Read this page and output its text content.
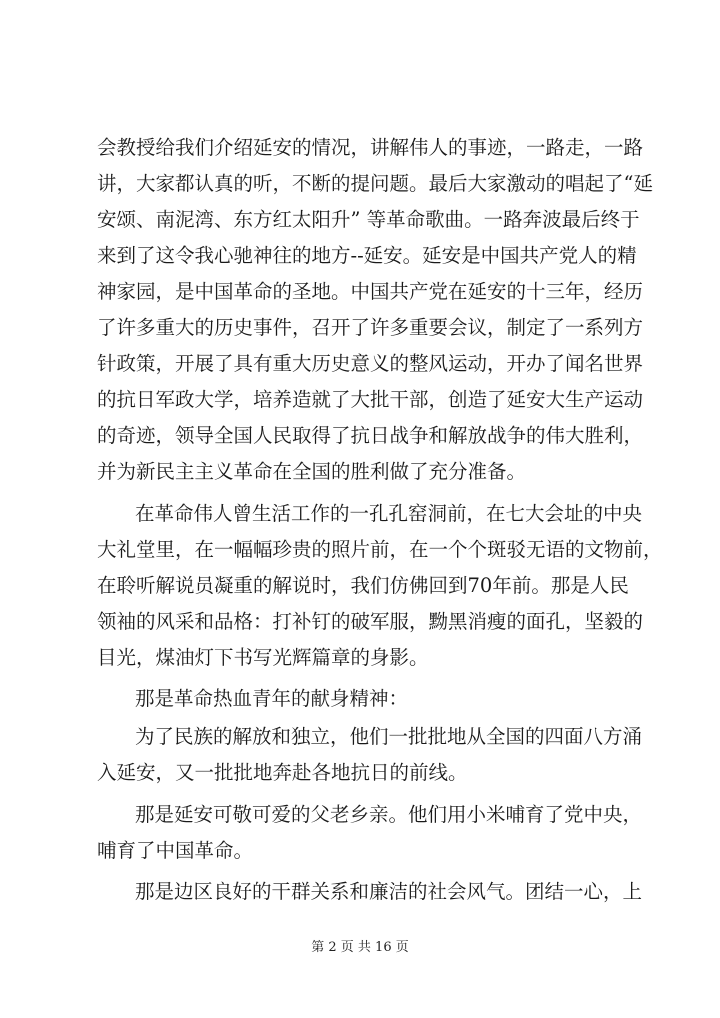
会教授给我们介绍延安的情况，讲解伟人的事迹，一路走，一路
讲，大家都认真的听，不断的提问题。最后大家激动的唱起了“延
安颂、南泥湾、东方红太阳升” 等革命歌曲。一路奔波最后终于
来到了这令我心驰神往的地方--延安。延安是中国共产党人的精
神家园，是中国革命的圣地。中国共产党在延安的十三年，经历
了许多重大的历史事件，召开了许多重要会议，制定了一系列方
针政策，开展了具有重大历史意义的整风运动，开办了闻名世界
的抗日军政大学，培养造就了大批干部，创造了延安大生产运动
的奇迹，领导全国人民取得了抗日战争和解放战争的伟大胜利，
并为新民主主义革命在全国的胜利做了充分准备。
在革命伟人曾生活工作的一孔孔窑洞前，在七大会址的中央
大礼堂里，在一幅幅珍贵的照片前，在一个个斑驳无语的文物前，
在聆听解说员凝重的解说时，我们仿佛回到70年前。那是人民
领袖的风采和品格：打补钉的破军服，黝黑消瘦的面孔，坚毅的
目光，煤油灯下书写光辉篇章的身影。
那是革命热血青年的献身精神：
为了民族的解放和独立，他们一批批地从全国的四面八方涌
入延安，又一批批地奔赴各地抗日的前线。
那是延安可敬可爱的父老乡亲。他们用小米哺育了党中央，
哺育了中国革命。
那是边区良好的干群关系和廉洁的社会风气。团结一心，上
第 2 页 共 16 页
